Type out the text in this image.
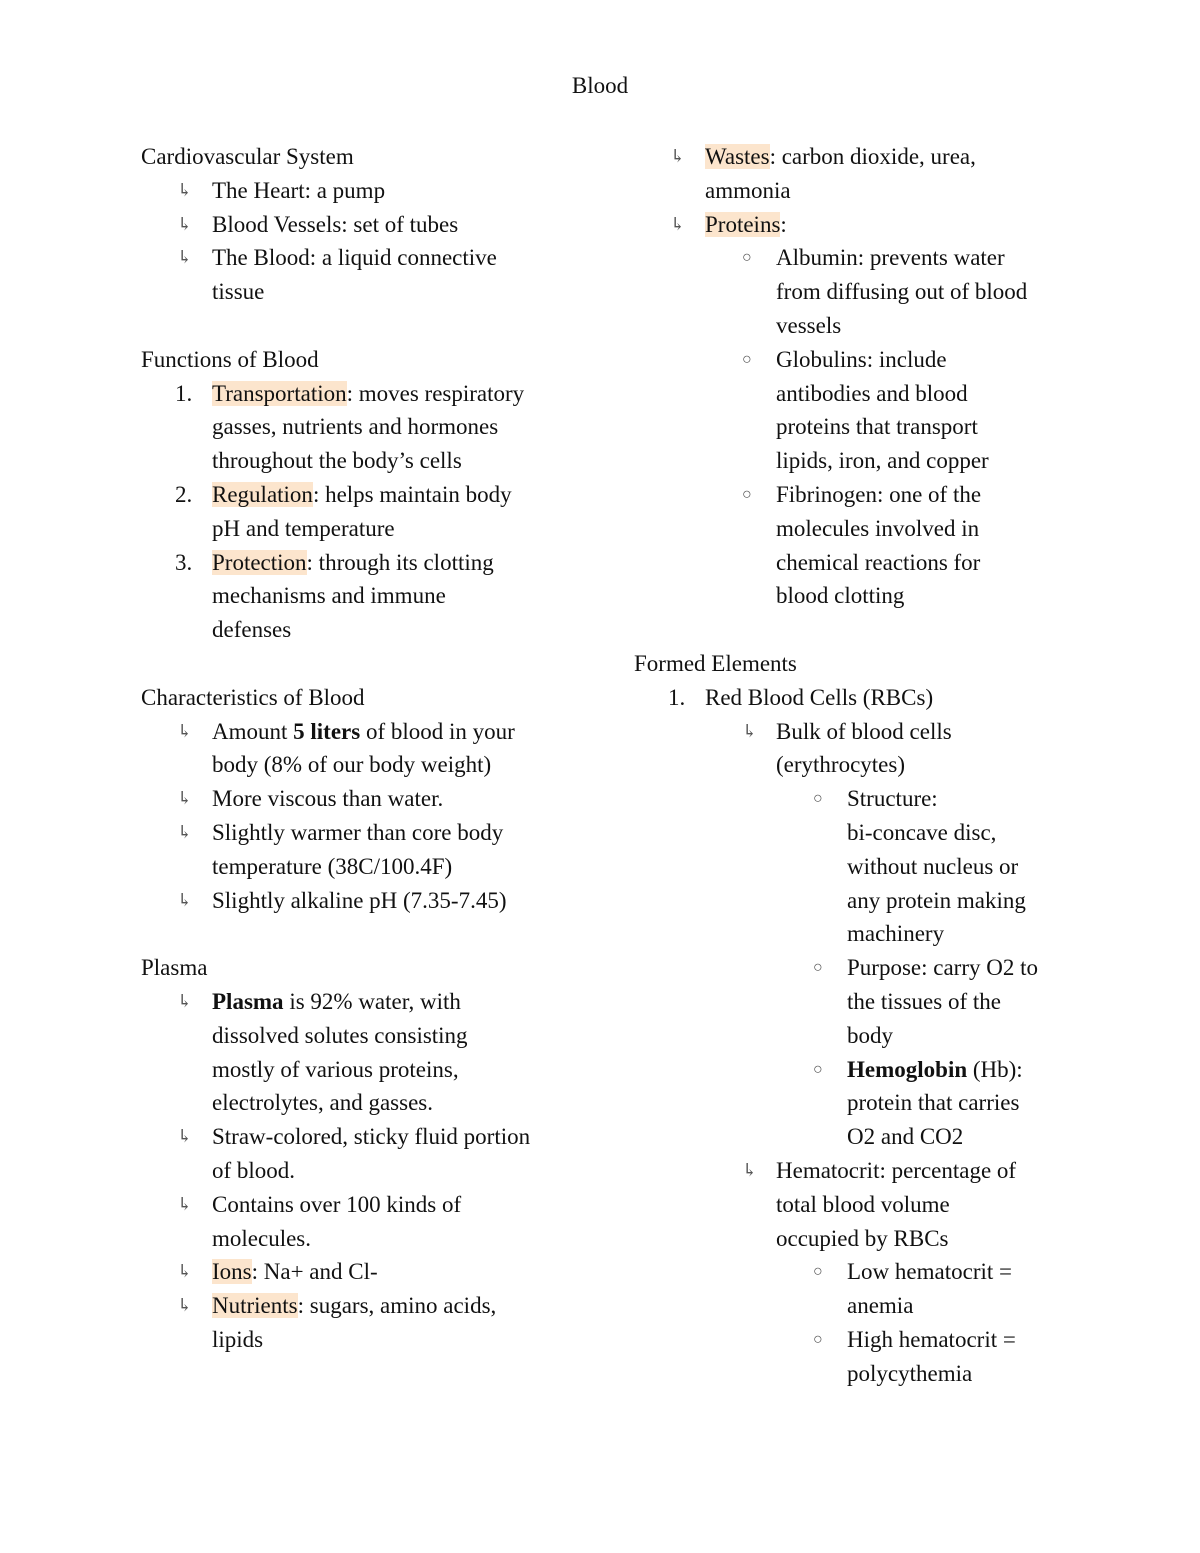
Blood
Cardiovascular System
↳ The Heart: a pump
↳ Blood Vessels: set of tubes
↳ The Blood: a liquid connective
tissue
Functions of Blood
1. Transportation: moves respiratory
gasses, nutrients and hormones
throughout the body’s cells
2. Regulation: helps maintain body
pH and temperature
3. Protection: through its clotting
mechanisms and immune
defenses
Characteristics of Blood
↳ Amount 5 liters of blood in your
body (8% of our body weight)
↳ More viscous than water.
↳ Slightly warmer than core body
temperature (38C/100.4F)
↳ Slightly alkaline pH (7.35-7.45)
Plasma
↳ Plasma is 92% water, with
dissolved solutes consisting
mostly of various proteins,
electrolytes, and gasses.
↳ Straw-colored, sticky fluid portion
of blood.
↳ Contains over 100 kinds of
molecules.
↳ Ions: Na+ and Cl-
↳ Nutrients: sugars, amino acids,
lipids
↳ Wastes: carbon dioxide, urea,
ammonia
↳ Proteins:
○ Albumin: prevents water
from diffusing out of blood
vessels
○ Globulins: include
antibodies and blood
proteins that transport
lipids, iron, and copper
○ Fibrinogen: one of the
molecules involved in
chemical reactions for
blood clotting
Formed Elements
1. Red Blood Cells (RBCs)
↳ Bulk of blood cells
(erythrocytes)
○ Structure:
bi-concave disc,
without nucleus or
any protein making
machinery
○ Purpose: carry O2 to
the tissues of the
body
○ Hemoglobin (Hb):
protein that carries
O2 and CO2
↳ Hematocrit: percentage of
total blood volume
occupied by RBCs
○ Low hematocrit =
anemia
○ High hematocrit =
polycythemia
